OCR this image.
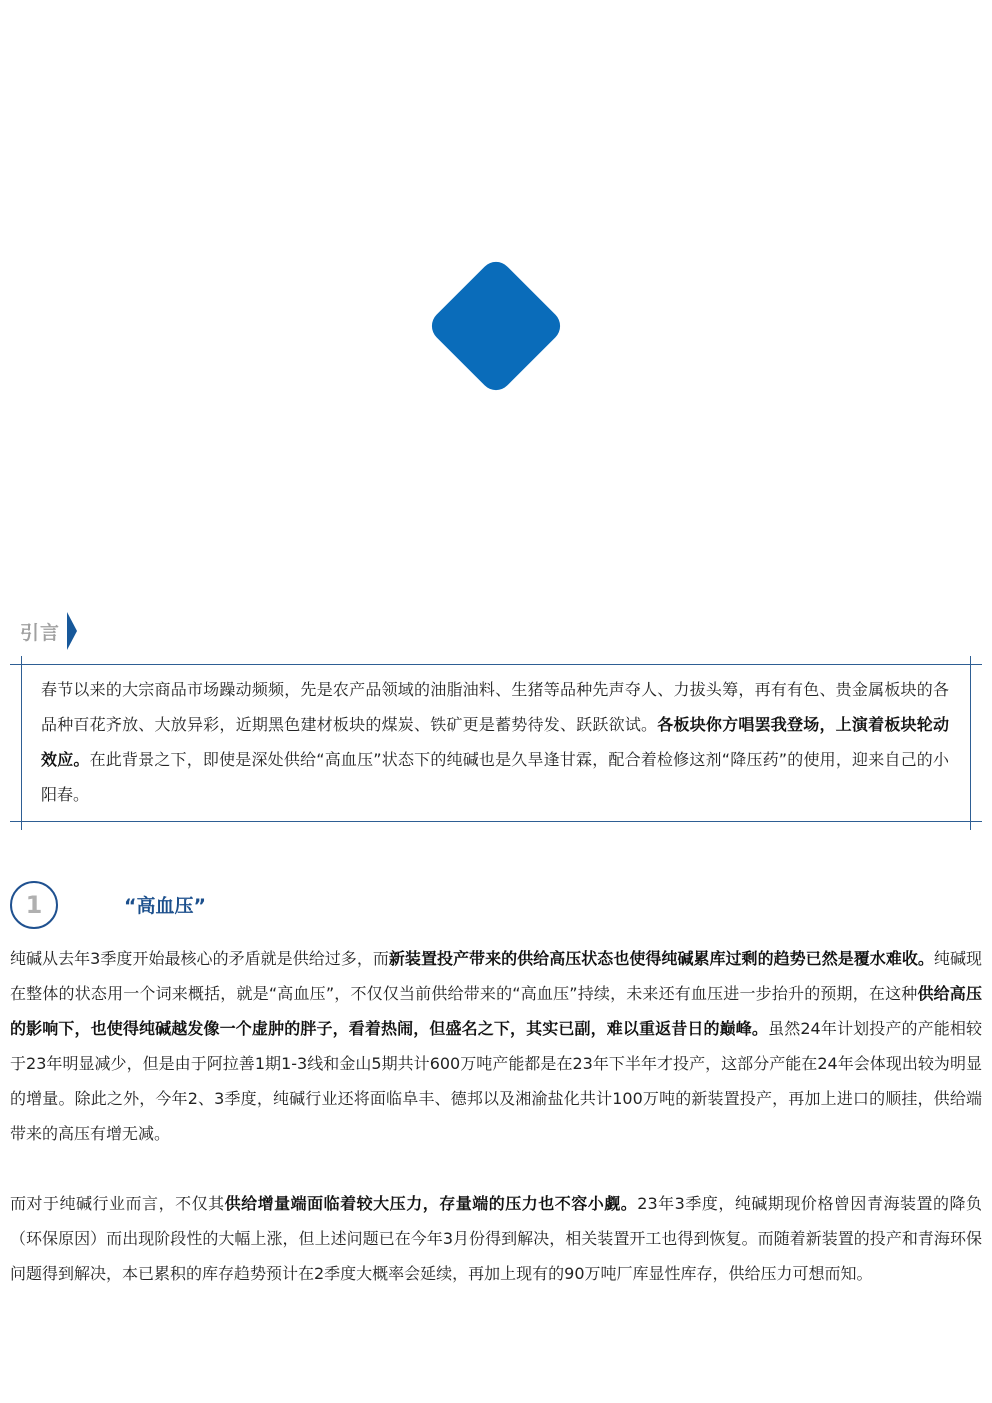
引言

春节以来的大宗商品市场躁动频频，先是农产品领域的油脂油料、生猪等品种先声夺人、力拔头筹，再有有色、贵金属板块的各品种百花齐放、大放异彩，近期黑色建材板块的煤炭、铁矿更是蓄势待发、跃跃欲试。各板块你方唱罢我登场，上演着板块轮动效应。在此背景之下，即使是深处供给“高血压”状态下的纯碱也是久旱逢甘霖，配合着检修这剂“降压药”的使用，迎来自己的小阳春。

1	“高血压”

纯碱从去年3季度开始最核心的矛盾就是供给过多，而新装置投产带来的供给高压状态也使得纯碱累库过剩的趋势已然是覆水难收。纯碱现在整体的状态用一个词来概括，就是“高血压”，不仅仅当前供给带来的“高血压”持续，未来还有血压进一步抬升的预期，在这种供给高压的影响下，也使得纯碱越发像一个虚肿的胖子，看着热闹，但盛名之下，其实已副，难以重返昔日的巅峰。虽然24年计划投产的产能相较于23年明显减少，但是由于阿拉善1期1-3线和金山5期共计600万吨产能都是在23年下半年才投产，这部分产能在24年会体现出较为明显的增量。除此之外，今年2、3季度，纯碱行业还将面临阜丰、德邦以及湘渝盐化共计100万吨的新装置投产，再加上进口的顺挂，供给端带来的高压有增无减。

而对于纯碱行业而言，不仅其供给增量端面临着较大压力，存量端的压力也不容小觑。23年3季度，纯碱期现价格曾因青海装置的降负（环保原因）而出现阶段性的大幅上涨，但上述问题已在今年3月份得到解决，相关装置开工也得到恢复。而随着新装置的投产和青海环保问题得到解决，本已累积的库存趋势预计在2季度大概率会延续，再加上现有的90万吨厂库显性库存，供给压力可想而知。
